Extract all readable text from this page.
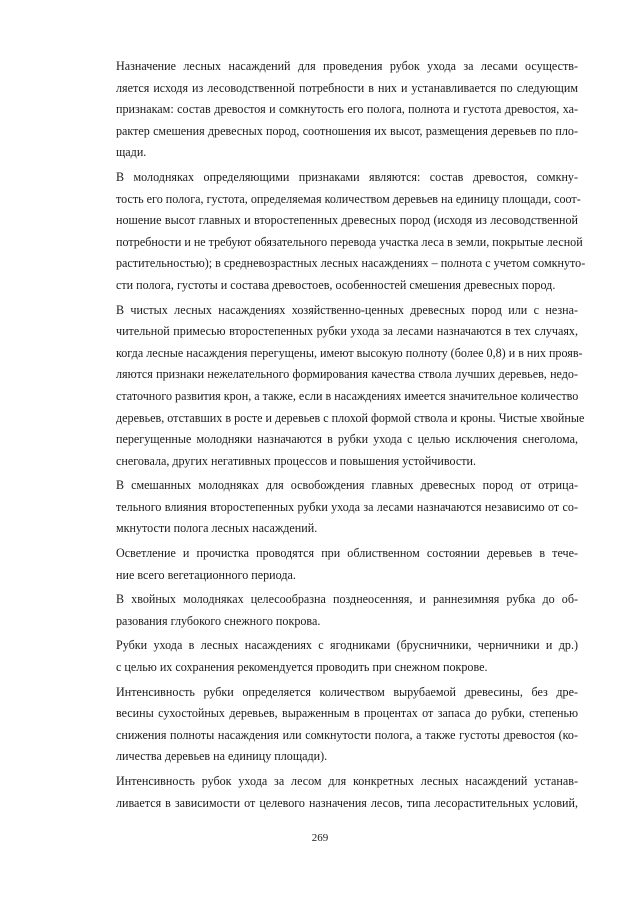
Назначение лесных насаждений для проведения рубок ухода за лесами осуществ-
ляется исходя из лесоводственной потребности в них и устанавливается по следующим
признакам: состав древостоя и сомкнутость его полога, полнота и густота древостоя, ха-
рактер смешения древесных пород, соотношения их высот, размещения деревьев по пло-
щади.
В молодняках определяющими признаками являются: состав древостоя, сомкну-
тость его полога, густота, определяемая количеством деревьев на единицу площади, соот-
ношение высот главных и второстепенных древесных пород (исходя из лесоводственной
потребности и не требуют обязательного перевода участка леса в земли, покрытые лесной
растительностью); в средневозрастных лесных насаждениях – полнота с учетом сомкнуто-
сти полога, густоты и состава древостоев, особенностей смешения древесных пород.
В чистых лесных насаждениях хозяйственно-ценных древесных пород или с незна-
чительной примесью второстепенных рубки ухода за лесами назначаются в тех случаях,
когда лесные насаждения перегущены, имеют высокую полноту (более 0,8) и в них прояв-
ляются признаки нежелательного формирования качества ствола лучших деревьев, недо-
статочного развития крон, а также, если в насаждениях имеется значительное количество
деревьев, отставших в росте и деревьев с плохой формой ствола и кроны. Чистые хвойные
перегущенные молодняки назначаются в рубки ухода с целью исключения снеголома,
снеговала, других негативных процессов и повышения устойчивости.
В смешанных молодняках для освобождения главных древесных пород от отрица-
тельного влияния второстепенных рубки ухода за лесами назначаются независимо от со-
мкнутости полога лесных насаждений.
Осветление и прочистка проводятся при облиственном состоянии деревьев в тече-
ние всего вегетационного периода.
В хвойных молодняках целесообразна позднеосенняя, и раннезимняя рубка до об-
разования глубокого снежного покрова.
Рубки ухода в лесных насаждениях с ягодниками (брусничники, черничники и др.)
с целью их сохранения рекомендуется проводить при снежном покрове.
Интенсивность рубки определяется количеством вырубаемой древесины, без дре-
весины сухостойных деревьев, выраженным в процентах от запаса до рубки, степенью
снижения полноты насаждения или сомкнутости полога, а также густоты древостоя (ко-
личества деревьев на единицу площади).
Интенсивность рубок ухода за лесом для конкретных лесных насаждений устанав-
ливается в зависимости от целевого назначения лесов, типа лесорастительных условий,
269
